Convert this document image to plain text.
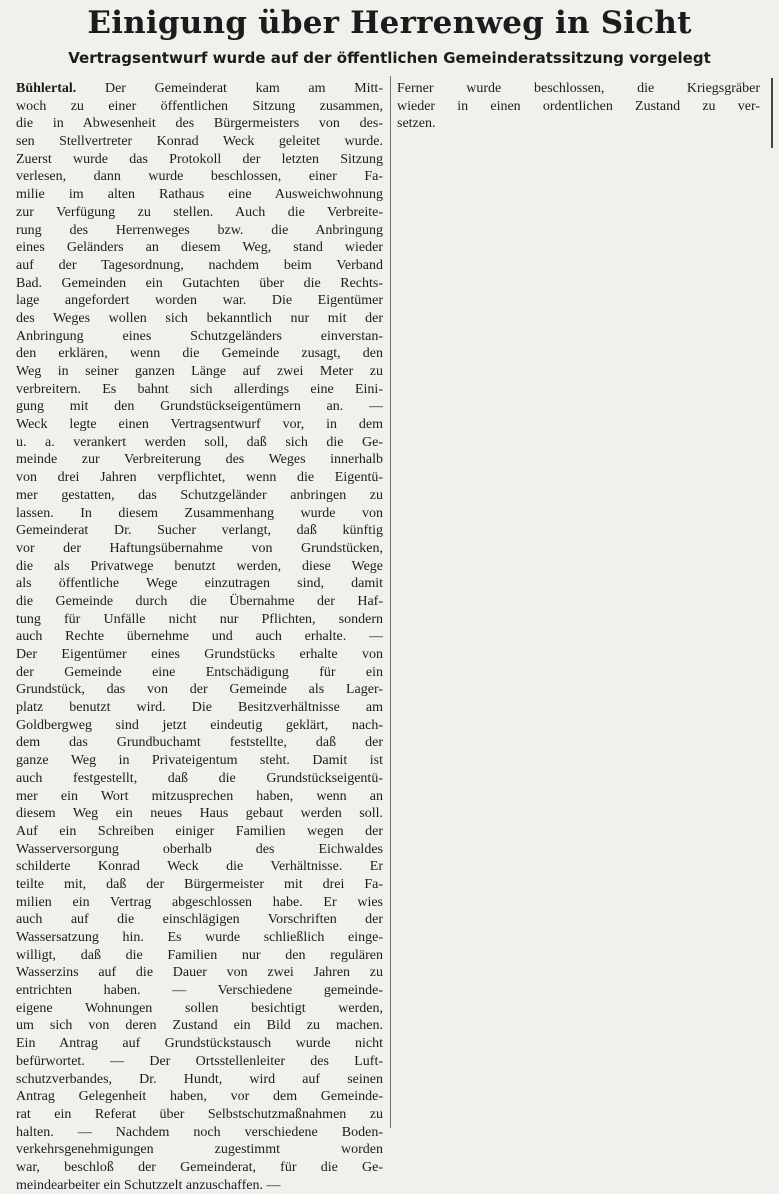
Einigung über Herrenweg in Sicht
Vertragsentwurf wurde auf der öffentlichen Gemeinderatssitzung vorgelegt
Bühlertal. Der Gemeinderat kam am Mitt-
woch zu einer öffentlichen Sitzung zusammen,
die in Abwesenheit des Bürgermeisters von des-
sen Stellvertreter Konrad Weck geleitet wurde.
Zuerst wurde das Protokoll der letzten Sitzung
verlesen, dann wurde beschlossen, einer Fa-
milie im alten Rathaus eine Ausweichwohnung
zur Verfügung zu stellen. Auch die Verbreite-
rung des Herrenweges bzw. die Anbringung
eines Geländers an diesem Weg, stand wieder
auf der Tagesordnung, nachdem beim Verband
Bad. Gemeinden ein Gutachten über die Rechts-
lage angefordert worden war. Die Eigentümer
des Weges wollen sich bekanntlich nur mit der
Anbringung eines Schutzgeländers einverstan-
den erklären, wenn die Gemeinde zusagt, den
Weg in seiner ganzen Länge auf zwei Meter zu
verbreitern. Es bahnt sich allerdings eine Eini-
gung mit den Grundstückseigentümern an. —
Weck legte einen Vertragsentwurf vor, in dem
u. a. verankert werden soll, daß sich die Ge-
meinde zur Verbreiterung des Weges innerhalb
von drei Jahren verpflichtet, wenn die Eigentü-
mer gestatten, das Schutzgeländer anbringen zu
lassen. In diesem Zusammenhang wurde von
Gemeinderat Dr. Sucher verlangt, daß künftig
vor der Haftungsübernahme von Grundstücken,
die als Privatwege benutzt werden, diese Wege
als öffentliche Wege einzutragen sind, damit
die Gemeinde durch die Übernahme der Haf-
tung für Unfälle nicht nur Pflichten, sondern
auch Rechte übernehme und auch erhalte. —
Der Eigentümer eines Grundstücks erhalte von
der Gemeinde eine Entschädigung für ein
Grundstück, das von der Gemeinde als Lager-
platz benutzt wird. Die Besitzverhältnisse am
Goldbergweg sind jetzt eindeutig geklärt, nach-
dem das Grundbuchamt feststellte, daß der
ganze Weg in Privateigentum steht. Damit ist
auch festgestellt, daß die Grundstückseigentü-
mer ein Wort mitzusprechen haben, wenn an
diesem Weg ein neues Haus gebaut werden soll.
Auf ein Schreiben einiger Familien wegen der
Wasserversorgung oberhalb des Eichwaldes
schilderte Konrad Weck die Verhältnisse. Er
teilte mit, daß der Bürgermeister mit drei Fa-
milien ein Vertrag abgeschlossen habe. Er wies
auch auf die einschlägigen Vorschriften der
Wassersatzung hin. Es wurde schließlich einge-
willigt, daß die Familien nur den regulären
Wasserzins auf die Dauer von zwei Jahren zu
entrichten haben. — Verschiedene gemeinde-
eigene Wohnungen sollen besichtigt werden,
um sich von deren Zustand ein Bild zu machen.
Ein Antrag auf Grundstückstausch wurde nicht
befürwortet. — Der Ortsstellenleiter des Luft-
schutzverbandes, Dr. Hundt, wird auf seinen
Antrag Gelegenheit haben, vor dem Gemeinde-
rat ein Referat über Selbstschutzmaßnahmen zu
halten. — Nachdem noch verschiedene Boden-
verkehrsgenehmigungen zugestimmt worden
war, beschloß der Gemeinderat, für die Ge-
meindearbeiter ein Schutzzelt anzuschaffen. —
Ferner wurde beschlossen, die Kriegsgräber
wieder in einen ordentlichen Zustand zu ver-
setzen.
